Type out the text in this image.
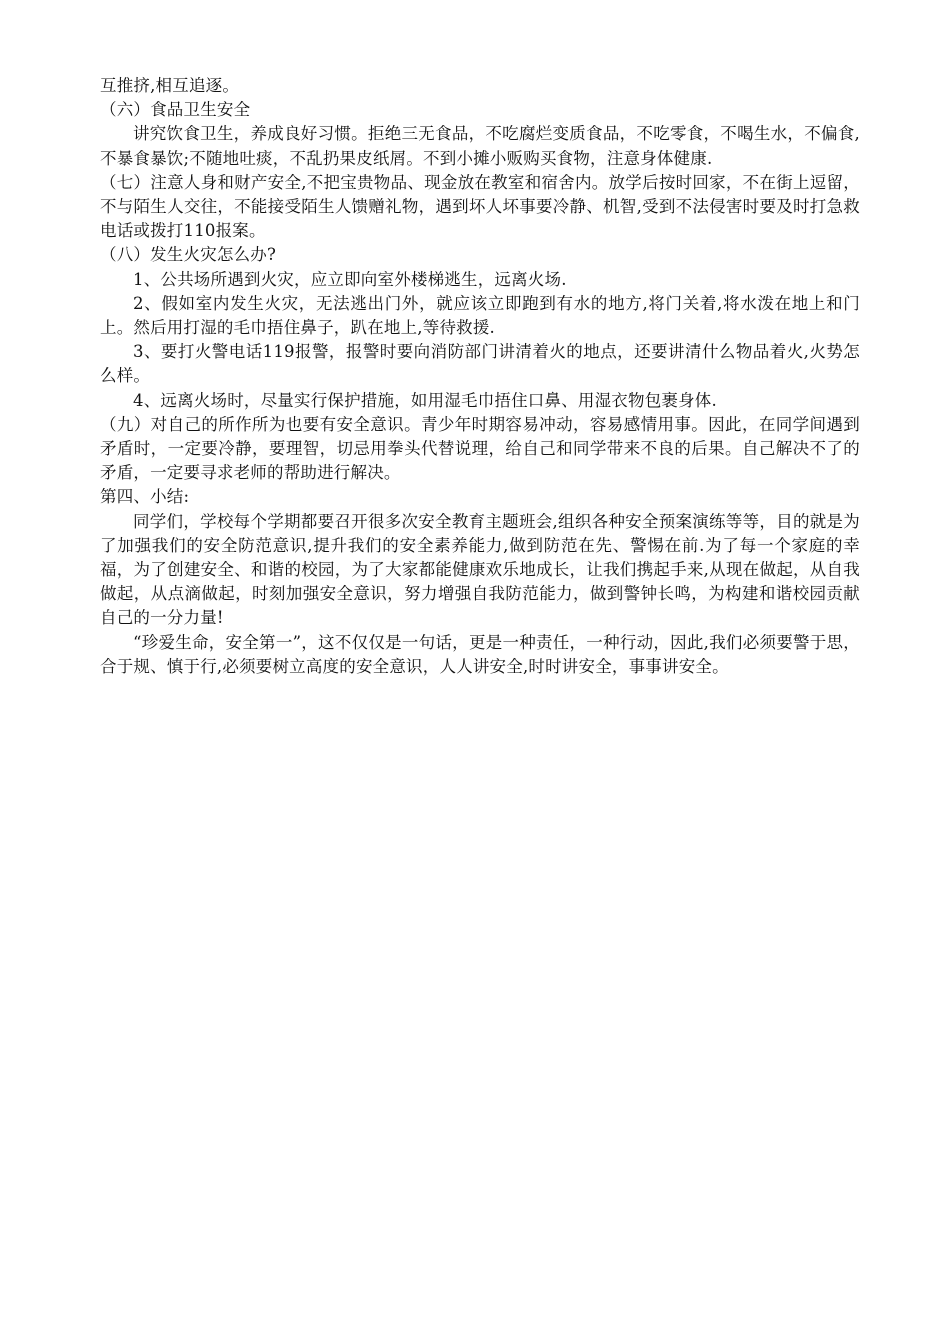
互推挤,相互追逐。

（六）食品卫生安全

讲究饮食卫生，养成良好习惯。拒绝三无食品，不吃腐烂变质食品，不吃零食，不喝生水，不偏食,不暴食暴饮;不随地吐痰，不乱扔果皮纸屑。不到小摊小贩购买食物，注意身体健康.

（七）注意人身和财产安全,不把宝贵物品、现金放在教室和宿舍内。放学后按时回家，不在街上逗留，不与陌生人交往，不能接受陌生人馈赠礼物，遇到坏人坏事要冷静、机智,受到不法侵害时要及时打急救电话或拨打110报案。

（八）发生火灾怎么办?

1、公共场所遇到火灾，应立即向室外楼梯逃生，远离火场.

2、假如室内发生火灾，无法逃出门外，就应该立即跑到有水的地方,将门关着,将水泼在地上和门上。然后用打湿的毛巾捂住鼻子，趴在地上,等待救援.

3、要打火警电话119报警，报警时要向消防部门讲清着火的地点，还要讲清什么物品着火,火势怎么样。

4、远离火场时，尽量实行保护措施，如用湿毛巾捂住口鼻、用湿衣物包裹身体.

（九）对自己的所作所为也要有安全意识。青少年时期容易冲动，容易感情用事。因此，在同学间遇到矛盾时，一定要冷静，要理智，切忌用拳头代替说理，给自己和同学带来不良的后果。自己解决不了的矛盾，一定要寻求老师的帮助进行解决。

第四、小结:

同学们，学校每个学期都要召开很多次安全教育主题班会,组织各种安全预案演练等等，目的就是为了加强我们的安全防范意识,提升我们的安全素养能力,做到防范在先、警惕在前.为了每一个家庭的幸福，为了创建安全、和谐的校园，为了大家都能健康欢乐地成长，让我们携起手来,从现在做起，从自我做起，从点滴做起，时刻加强安全意识，努力增强自我防范能力，做到警钟长鸣，为构建和谐校园贡献自己的一分力量!

“珍爱生命，安全第一”，这不仅仅是一句话，更是一种责任，一种行动，因此,我们必须要警于思，合于规、慎于行,必须要树立高度的安全意识，人人讲安全,时时讲安全，事事讲安全。
